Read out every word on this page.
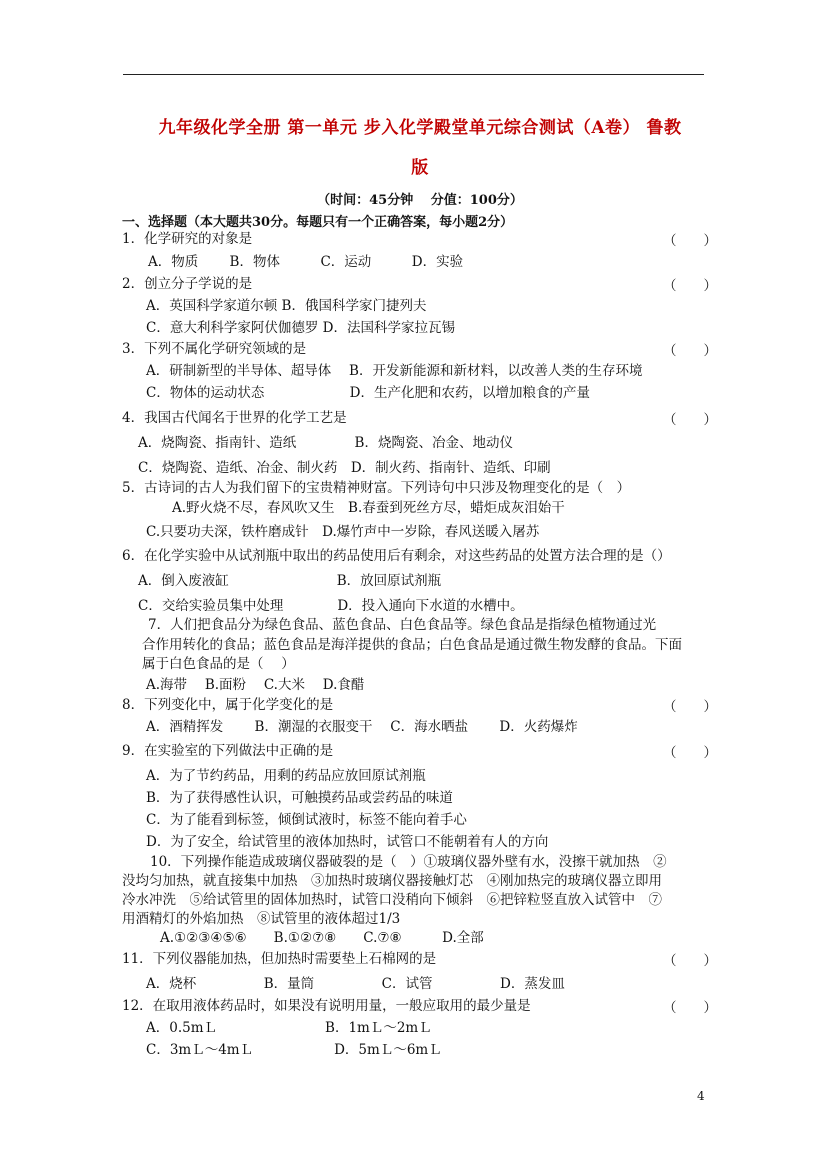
九年级化学全册 第一单元 步入化学殿堂单元综合测试（A卷） 鲁教
版
（时间：45分钟　 分值：100分）
一、选择题（本大题共30分。每题只有一个正确答案，每小题2分）
1．化学研究的对象是	（　　）
A．物质　　 B．物体　　　C．运动　　　D．实验
2．创立分子学说的是	（　　）
A．英国科学家道尔顿 B．俄国科学家门捷列夫
C．意大利科学家阿伏伽德罗 D．法国科学家拉瓦锡
3．下列不属化学研究领域的是	（　　）
A．研制新型的半导体、超导体　 B．开发新能源和新材料，以改善人类的生存环境
C．物体的运动状态　　　　　　 D．生产化肥和农药，以增加粮食的产量
4．我国古代闻名于世界的化学工艺是	（　　）
A．烧陶瓷、指南针、造纸　　　　 B．烧陶瓷、冶金、地动仪
C．烧陶瓷、造纸、冶金、制火药　D．制火药、指南针、造纸、印刷
5．古诗词的古人为我们留下的宝贵精神财富。下列诗句中只涉及物理变化的是（　）
A.野火烧不尽，春风吹又生　B.春蚕到死丝方尽，蜡炬成灰泪始干
C.只要功夫深，铁杵磨成针　D.爆竹声中一岁除，春风送暖入屠苏
6．在化学实验中从试剂瓶中取出的药品使用后有剩余，对这些药品的处置方法合理的是（）
A．倒入废液缸　　　　　　　　B．放回原试剂瓶
C．交给实验员集中处理　　　　D．投入通向下水道的水槽中。
7．人们把食品分为绿色食品、蓝色食品、白色食品等。绿色食品是指绿色植物通过光
合作用转化的食品；蓝色食品是海洋提供的食品；白色食品是通过微生物发酵的食品。下面
属于白色食品的是（　 ）
A.海带　 B.面粉　 C.大米　 D.食醋
8．下列变化中，属于化学变化的是	（　　）
A．酒精挥发　　 B．潮湿的衣服变干　 C．海水晒盐　　 D．火药爆炸
9．在实验室的下列做法中正确的是	（　　）
A．为了节约药品，用剩的药品应放回原试剂瓶
B．为了获得感性认识，可触摸药品或尝药品的味道
C．为了能看到标签，倾倒试液时，标签不能向着手心
D．为了安全，给试管里的液体加热时，试管口不能朝着有人的方向
10．下列操作能造成玻璃仪器破裂的是（　）①玻璃仪器外壁有水，没擦干就加热　②
没均匀加热，就直接集中加热　③加热时玻璃仪器接触灯芯　④刚加热完的玻璃仪器立即用
冷水冲洗　⑤给试管里的固体加热时，试管口没稍向下倾斜　⑥把锌粒竖直放入试管中　⑦
用酒精灯的外焰加热　⑧试管里的液体超过1/3
A.①②③④⑤⑥　　B.①②⑦⑧　　C.⑦⑧　　　D.全部
11．下列仪器能加热，但加热时需要垫上石棉网的是	（　　）
A．烧杯　　　　　B．量筒　　　　　C．试管　　　　　D．蒸发皿
12．在取用液体药品时，如果没有说明用量，一般应取用的最少量是	（　　）
A．0.5mＬ　　　　　　　　B．1mＬ～2mＬ
C．3mＬ～4mＬ　　　　　　D．5mＬ～6mＬ
4
